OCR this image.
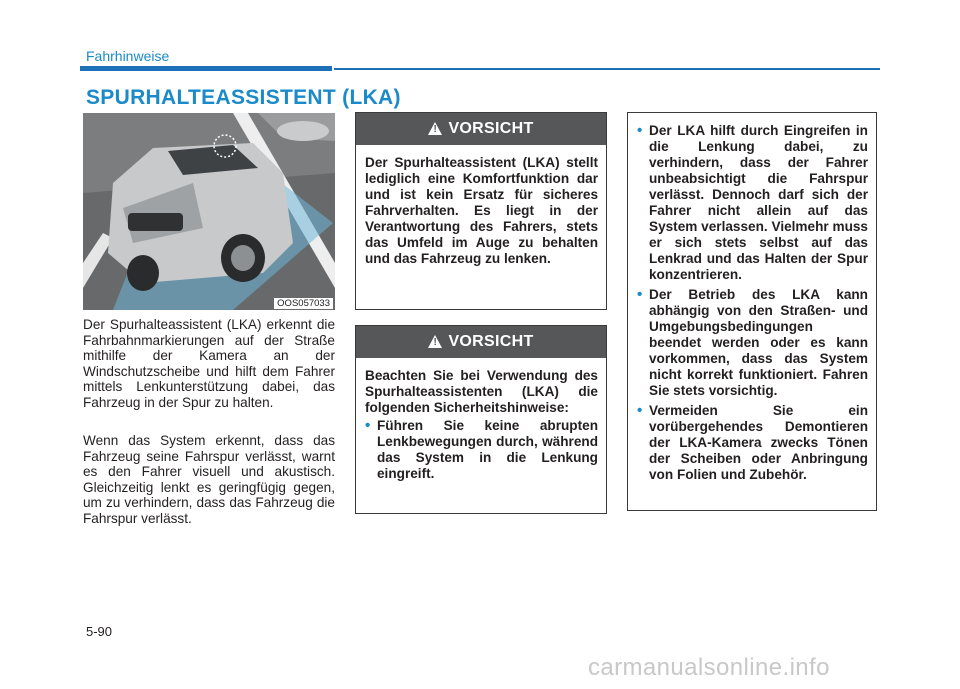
Fahrhinweise
SPURHALTEASSISTENT (LKA)
OOS057033
Der Spurhalteassistent (LKA) erkennt die Fahrbahnmarkierungen auf der Straße mithilfe der Kamera an der Windschutzscheibe und hilft dem Fahrer mittels Lenkunterstützung dabei, das Fahrzeug in der Spur zu halten.
Wenn das System erkennt, dass das Fahrzeug seine Fahrspur verlässt, warnt es den Fahrer visuell und akustisch. Gleichzeitig lenkt es geringfügig gegen, um zu verhindern, dass das Fahrzeug die Fahrspur verlässt.
!
VORSICHT
Der Spurhalteassistent (LKA) stellt lediglich eine Komfortfunktion dar und ist kein Ersatz für sicheres Fahrverhalten. Es liegt in der Verantwortung des Fahrers, stets das Umfeld im Auge zu behalten und das Fahrzeug zu lenken.
!
VORSICHT
Beachten Sie bei Verwendung des Spurhalteassistenten (LKA) die folgenden Sicherheitshinweise:
• Führen Sie keine abrupten Lenkbewegungen durch, während das System in die Lenkung eingreift.
• Der LKA hilft durch Eingreifen in die Lenkung dabei, zu verhindern, dass der Fahrer unbeabsichtigt die Fahrspur verlässt. Dennoch darf sich der Fahrer nicht allein auf das System verlassen. Vielmehr muss er sich stets selbst auf das Lenkrad und das Halten der Spur konzentrieren.
• Der Betrieb des LKA kann abhängig von den Straßen- und Umgebungsbedingungen beendet werden oder es kann vorkommen, dass das System nicht korrekt funktioniert. Fahren Sie stets vorsichtig.
• Vermeiden Sie ein vorübergehendes Demontieren der LKA-Kamera zwecks Tönen der Scheiben oder Anbringung von Folien und Zubehör.
5-90
carmanualsonline.info
